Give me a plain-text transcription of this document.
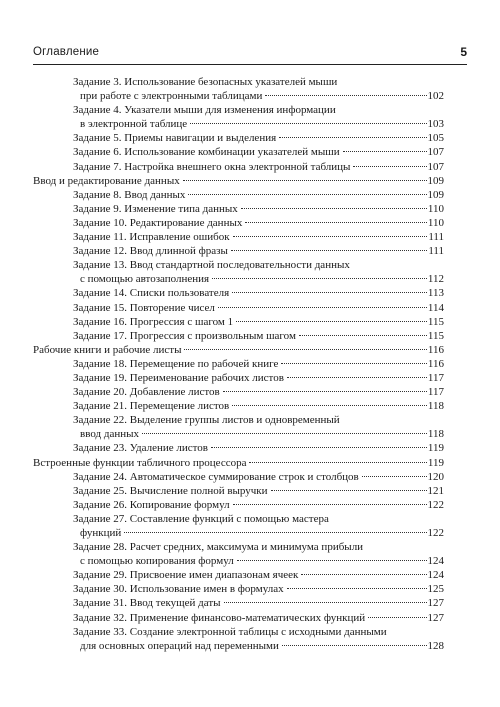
Оглавление	5
Задание 3. Использование безопасных указателей мыши
при работе с электронными таблицами	102
Задание 4. Указатели мыши для изменения информации
в электронной таблице	103
Задание 5. Приемы навигации и выделения	105
Задание 6. Использование комбинации указателей мыши	107
Задание 7. Настройка внешнего окна электронной таблицы	107
Ввод и редактирование данных	109
Задание 8. Ввод данных	109
Задание 9. Изменение типа данных	110
Задание 10. Редактирование данных	110
Задание 11. Исправление ошибок	111
Задание 12. Ввод длинной фразы	111
Задание 13. Ввод стандартной последовательности данных
с помощью автозаполнения	112
Задание 14. Списки пользователя	113
Задание 15. Повторение чисел	114
Задание 16. Прогрессия с шагом 1	115
Задание 17. Прогрессия с произвольным шагом	115
Рабочие книги и рабочие листы	116
Задание 18. Перемещение по рабочей книге	116
Задание 19. Переименование рабочих листов	117
Задание 20. Добавление листов	117
Задание 21. Перемещение листов	118
Задание 22. Выделение группы листов и одновременный
ввод данных	118
Задание 23. Удаление листов	119
Встроенные функции табличного процессора	119
Задание 24. Автоматическое суммирование строк и столбцов	120
Задание 25. Вычисление полной выручки	121
Задание 26. Копирование формул	122
Задание 27. Составление функций с помощью мастера
функций	122
Задание 28. Расчет средних, максимума и минимума прибыли
с помощью копирования формул	124
Задание 29. Присвоение имен диапазонам ячеек	124
Задание 30. Использование имен в формулах	125
Задание 31. Ввод текущей даты	127
Задание 32. Применение финансово-математических функций	127
Задание 33. Создание электронной таблицы с исходными данными
для основных операций над переменными	128
